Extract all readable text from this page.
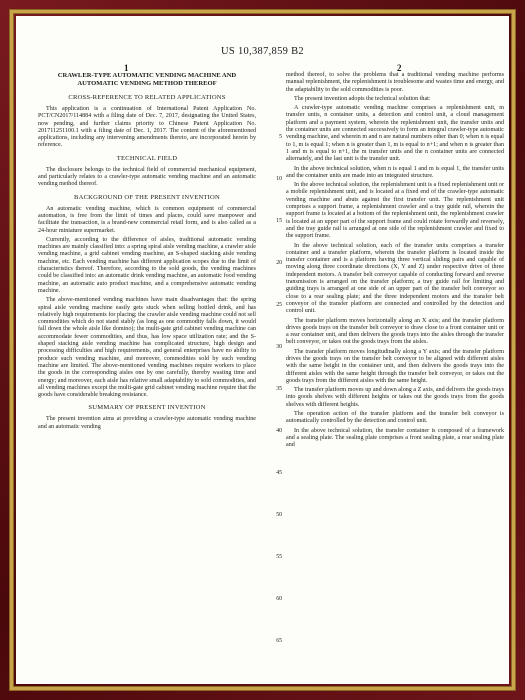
US 10,387,859 B2
1	2
CRAWLER-TYPE AUTOMATIC VENDING MACHINE AND AUTOMATIC VENDING METHOD THEREOF
CROSS-REFERENCE TO RELATED APPLICATIONS

This application is a continuation of International Patent Application No. PCT/CN2017/114884 with a filing date of Dec. 7, 2017, designating the United States, now pending, and further claims priority to Chinese Patent Application No. 201711251100.1 with a filing date of Dec. 1, 2017. The content of the aforementioned applications, including any intervening amendments thereto, are incorporated herein by reference.

TECHNICAL FIELD

The disclosure belongs to the technical field of commercial mechanical equipment, and particularly relates to a crawler-type automatic vending machine and an automatic vending method thereof.

BACKGROUND OF THE PRESENT INVENTION

An automatic vending machine, which is common equipment of commercial automation, is free from the limit of times and places, could save manpower and facilitate the transaction, is a brand-new commercial retail form, and is also called as a 24-hour miniature supermarket.

Currently, according to the difference of aisles, traditional automatic vending machines are mainly classified into: a spring spiral aisle vending machine, a crawler aisle vending machine, a grid cabinet vending machine, an S-shaped stacking aisle vending machine, etc. Each vending machine has different application scopes due to the limit of characteristics thereof. Therefore, according to the sold goods, the vending machines could be classified into: an automatic drink vending machine, an automatic food vending machine, an automatic auto product machine, and a comprehensive automatic vending machine.

The above-mentioned vending machines have main disadvantages that: the spring spiral aisle vending machine easily gets stuck when selling bottled drink, and has relatively high requirements for placing; the crawler aisle vending machine could not sell commodities which do not stand stably (as long as one commodity falls down, it would fall down the whole aisle like domino); the multi-gate grid cabinet vending machine can accommodate fewer commodities, and thus, has low space utilization rate; and the S-shaped stacking aisle vending machine has complicated structure, high design and processing difficulties and high requirements, and general enterprises have no ability to produce such vending machine, and moreover, commodities sold by such vending machine are limited. The above-mentioned vending machines require workers to place the goods in the corresponding aisles one by one carefully, thereby wasting time and energy; and moreover, each aisle has relative small adaptability to sold commodities, and all vending machines except the multi-gate grid cabinet vending machine require that the goods have considerable breaking resistance.

SUMMARY OF PRESENT INVENTION

The present invention aims at providing a crawler-type automatic vending machine and an automatic vending

5
10
15
20
25
30
35
40
45
50
55
60
65

method thereof, to solve the problems that a traditional vending machine performs manual replenishment, the replenishment is troublesome and wastes time and energy, and the adaptability to the sold commodities is poor.

The present invention adopts the technical solution that:

A crawler-type automatic vending machine comprises a replenishment unit, m transfer units, n container units, a detection and control unit, a cloud management platform and a payment system, wherein the replenishment unit, the transfer units and the container units are connected successively to form an integral crawler-type automatic vending machine, and wherein m and n are natural numbers other than 0; when n is equal to 1, m is equal 1; when n is greater than 1, m is equal to n+1; and when n is greater than 1 and m is equal to n+1, the m transfer units and the n container units are connected alternately, and the last unit is the transfer unit.

In the above technical solution, when n is equal 1 and m is equal 1, the transfer units and the container units are made into an integrated structure.

In the above technical solution, the replenishment unit is a fixed replenishment unit or a mobile replenishment unit, and is located at a fixed end of the crawler-type automatic vending machine and abuts against the first transfer unit. The replenishment unit comprises a support frame, a replenishment crawler and a tray guide rail, wherein the support frame is located at a bottom of the replenishment unit, the replenishment crawler is located at an upper part of the support frame and could rotate forwardly and reversely, and the tray guide rail is arranged at one side of the replenishment crawler and fixed to the support frame.

In the above technical solution, each of the transfer units comprises a transfer container and a transfer platform, wherein the transfer platform is located inside the transfer container and is a platform having three vertical sliding pairs and capable of moving along three coordinate directions (X, Y and Z) under respective drive of three independent motors. A transfer belt conveyor capable of conducting forward and reverse transmission is arranged on the transfer platform; a tray guide rail for limiting and guiding trays is arranged at one side of an upper part of the transfer belt conveyor so close to a rear sealing plate; and the three independent motors and the transfer belt conveyor of the transfer platform are connected and controlled by the detection and control unit.

The transfer platform moves horizontally along an X axis; and the transfer platform drives goods trays on the transfer belt conveyor to draw close to a front container unit or a rear container unit, and then delivers the goods trays into the aisles through the transfer belt conveyor, or takes out the goods trays from the aisles.

The transfer platform moves longitudinally along a Y axis; and the transfer platform drives the goods trays on the transfer belt conveyor to be aligned with different aisles with the same height in the container unit, and then delivers the goods trays into the different aisles with the same height through the transfer belt conveyor, or takes out the goods trays from the different aisles with the same height.

The transfer platform moves up and down along a Z axis, and delivers the goods trays into goods shelves with different heights or takes out the goods trays from the goods shelves with different heights.

The operation action of the transfer platform and the transfer belt conveyor is automatically controlled by the detection and control unit.

In the above technical solution, the transfer container is composed of a framework and a sealing plate. The sealing plate comprises a front sealing plate, a rear sealing plate and
